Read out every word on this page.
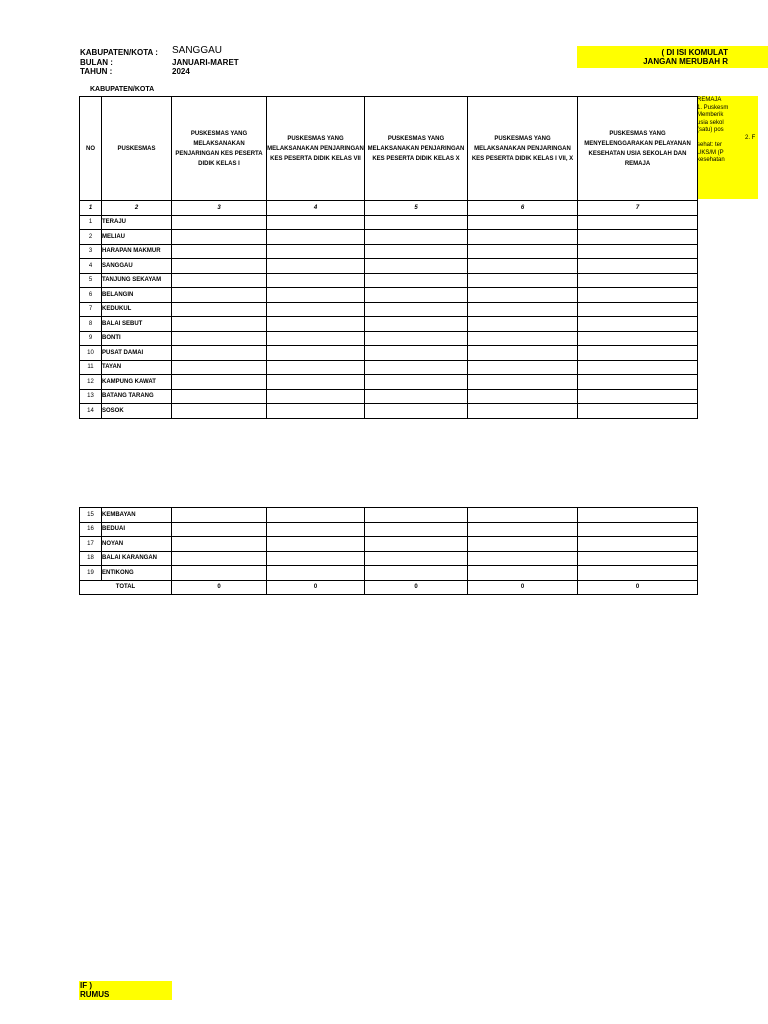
KABUPATEN/KOTA : SANGGAU
BULAN :	JANUARI-MARET
TAHUN :	2024
( DI ISI KOMULAT
JANGAN MERUBAH R
REMAJA
1. Puskesm
Memberik
usia sekol
(satu) pos
2. F
sehat: ter
UKS/M (P
kesehatan
KABUPATEN/KOTA
NO	PUSKESMAS	PUSKESMAS YANG MELAKSANAKAN PENJARINGAN KES PESERTA DIDIK KELAS I	PUSKESMAS YANG MELAKSANAKAN PENJARINGAN KES PESERTA DIDIK KELAS VII	PUSKESMAS YANG MELAKSANAKAN PENJARINGAN KES PESERTA DIDIK KELAS X	PUSKESMAS YANG MELAKSANAKAN PENJARINGAN KES PESERTA DIDIK KELAS I VII, X	PUSKESMAS YANG MENYELENGGARAKAN PELAYANAN KESEHATAN USIA SEKOLAH DAN REMAJA
1	2	3	4	5	6	7
1	TERAJU					
2	MELIAU					
3	HARAPAN MAKMUR					
4	SANGGAU					
5	TANJUNG SEKAYAM					
6	BELANGIN					
7	KEDUKUL					
8	BALAI SEBUT					
9	BONTI					
10	PUSAT DAMAI					
11	TAYAN					
12	KAMPUNG KAWAT					
13	BATANG TARANG					
14	SOSOK					
15	KEMBAYAN					
16	BEDUAI					
17	NOYAN					
18	BALAI KARANGAN					
19	ENTIKONG					
TOTAL		0	0	0	0	0
IF )
RUMUS
